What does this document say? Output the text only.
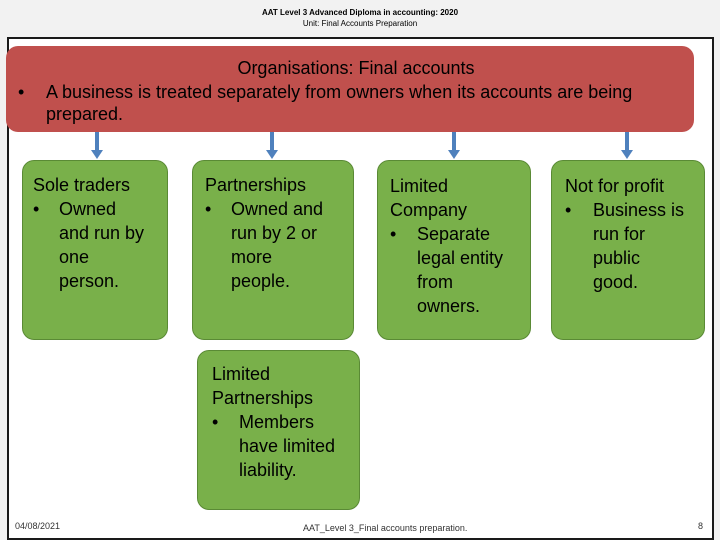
AAT Level 3 Advanced Diploma in accounting: 2020
Unit: Final Accounts Preparation
Organisations: Final accounts
• A business is treated separately from owners when its accounts are being prepared.
Sole traders
• Owned
and run by
one
person.
Partnerships
• Owned and
run by 2 or
more
people.
Limited
Company
• Separate
legal entity
from
owners.
Not for profit
• Business is
run for
public
good.
Limited
Partnerships
• Members
have limited
liability.
04/08/2021	AAT_Level 3_Final accounts preparation.	8
